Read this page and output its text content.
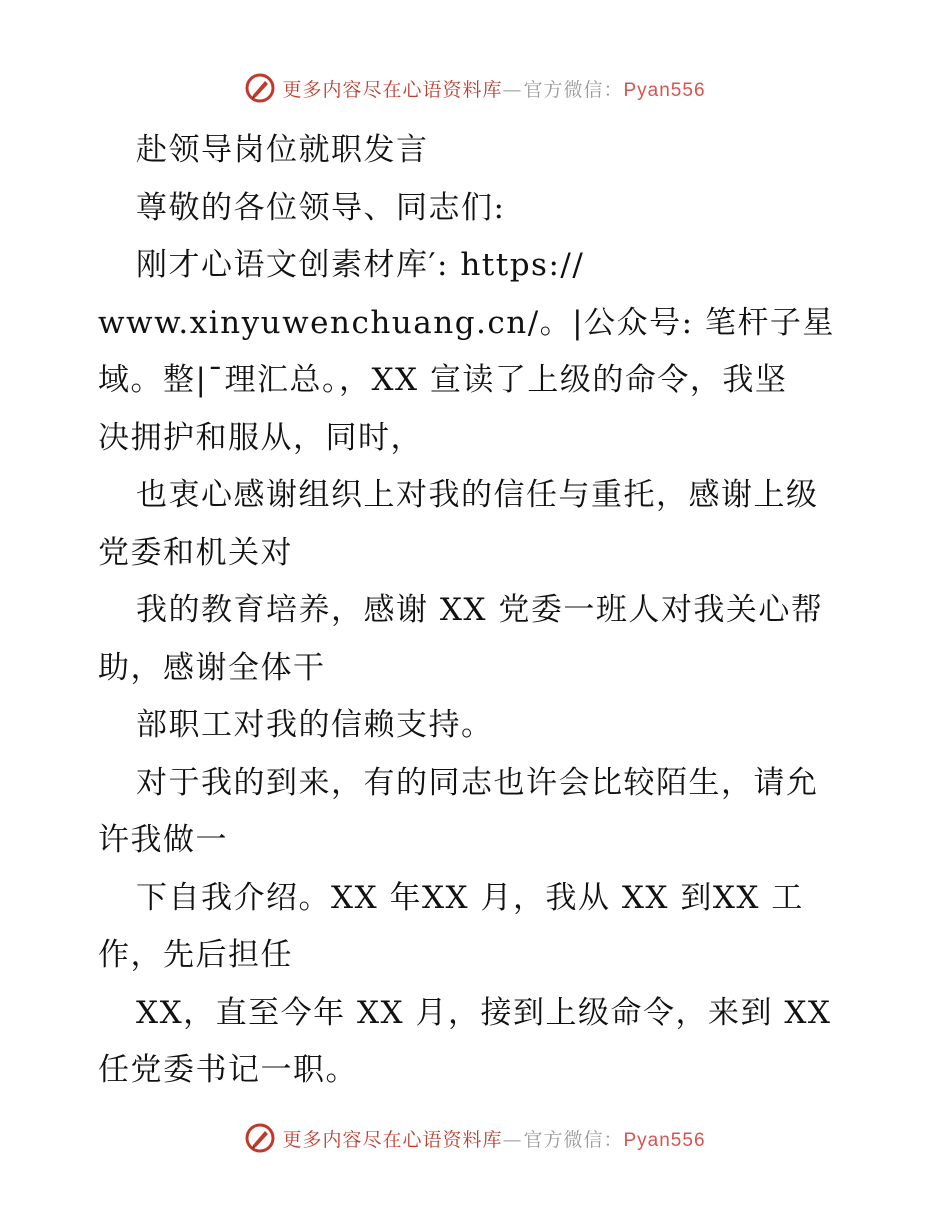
更多内容尽在心语资料库— 官方微信：Pyan556
赴领导岗位就职发言
尊敬的各位领导、同志们:
刚才心语文创素材库′: https://
www.xinyuwenchuang.cn/。|公众号: 笔杆子星
域。整|¯理汇总。，XX 宣读了上级的命令，我坚
决拥护和服从，同时，
也衷心感谢组织上对我的信任与重托，感谢上级
党委和机关对
我的教育培养，感谢 XX 党委一班人对我关心帮
助，感谢全体干
部职工对我的信赖支持。
对于我的到来，有的同志也许会比较陌生，请允
许我做一
下自我介绍。XX 年XX 月，我从 XX 到XX 工
作，先后担任
XX，直至今年 XX 月，接到上级命令，来到 XX
任党委书记一职。
更多内容尽在心语资料库— 官方微信：Pyan556
